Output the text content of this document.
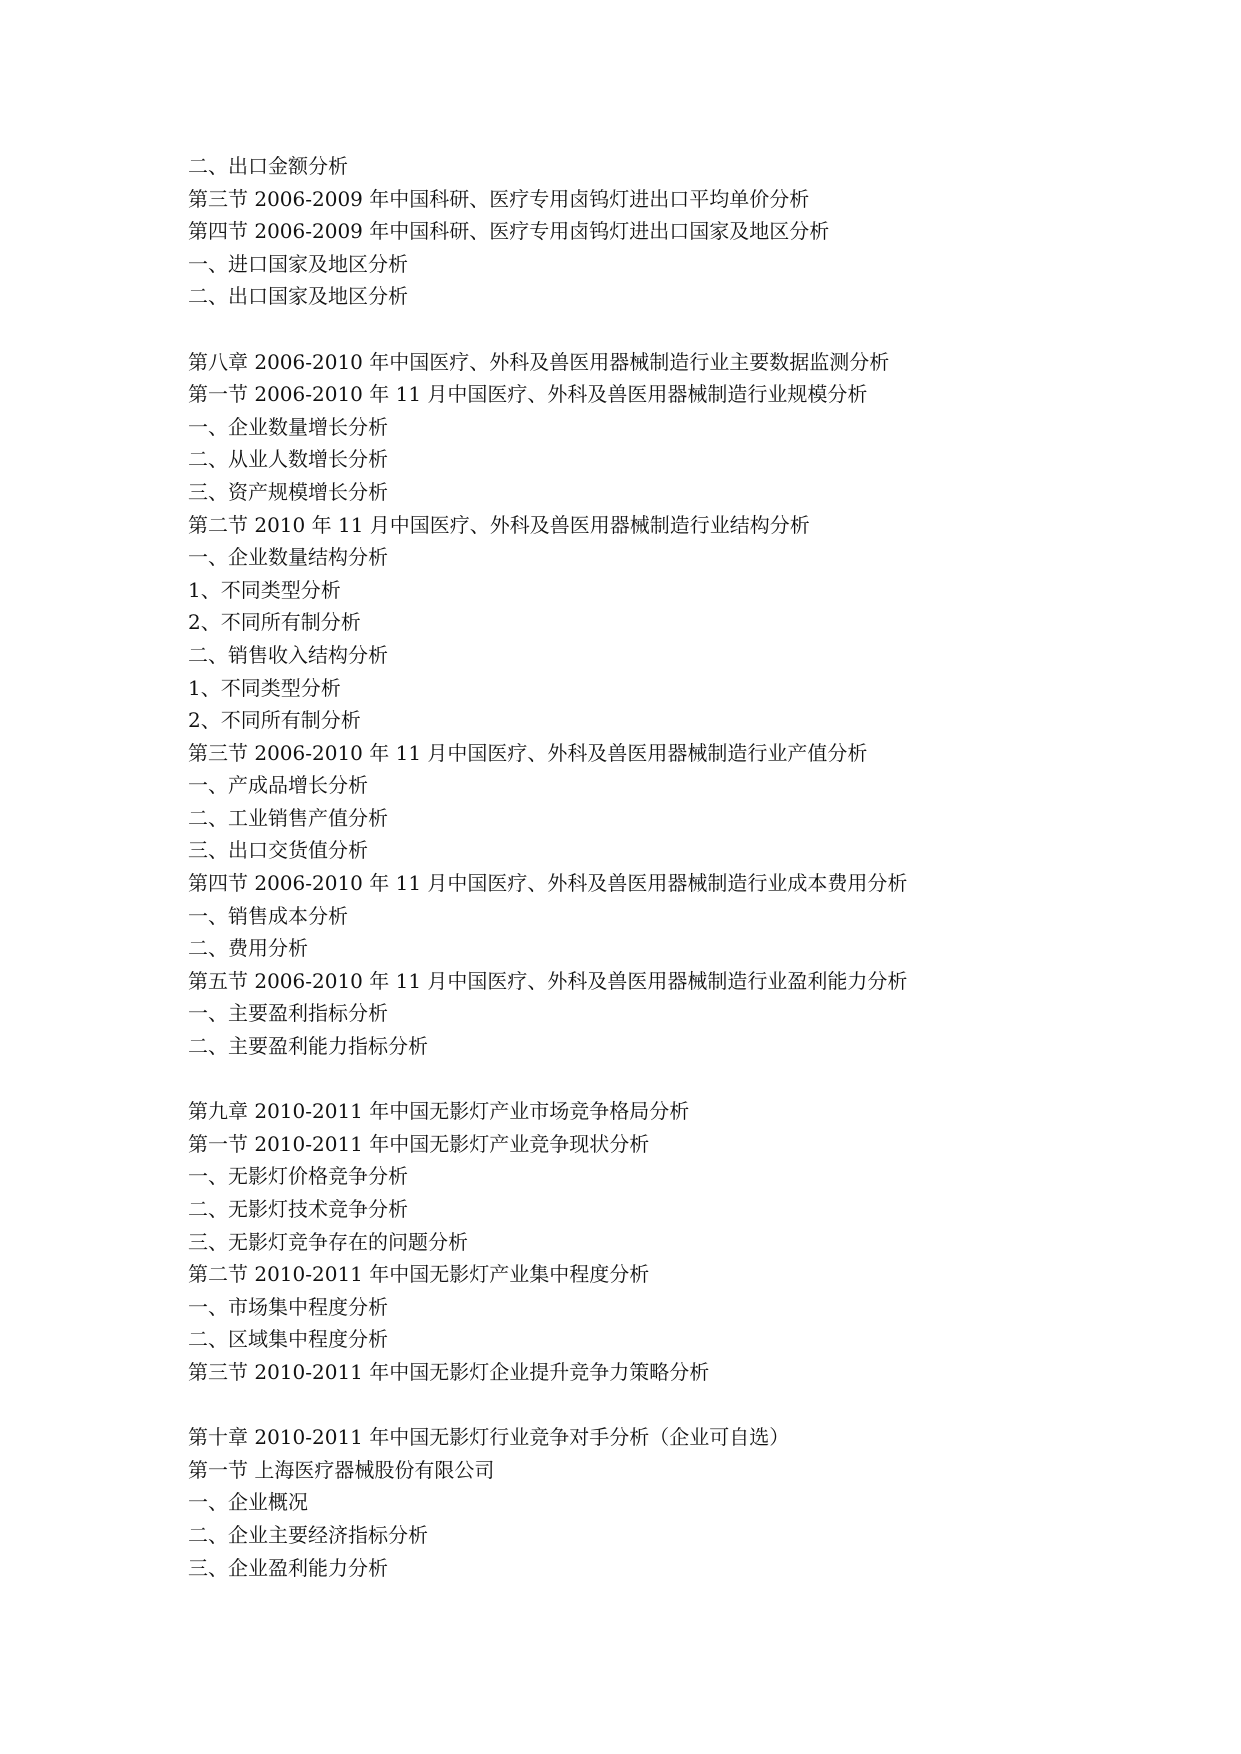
二、出口金额分析
第三节 2006-2009 年中国科研、医疗专用卤钨灯进出口平均单价分析
第四节 2006-2009 年中国科研、医疗专用卤钨灯进出口国家及地区分析
一、进口国家及地区分析
二、出口国家及地区分析
第八章 2006-2010 年中国医疗、外科及兽医用器械制造行业主要数据监测分析
第一节 2006-2010 年 11 月中国医疗、外科及兽医用器械制造行业规模分析
一、企业数量增长分析
二、从业人数增长分析
三、资产规模增长分析
第二节 2010 年 11 月中国医疗、外科及兽医用器械制造行业结构分析
一、企业数量结构分析
1、不同类型分析
2、不同所有制分析
二、销售收入结构分析
1、不同类型分析
2、不同所有制分析
第三节 2006-2010 年 11 月中国医疗、外科及兽医用器械制造行业产值分析
一、产成品增长分析
二、工业销售产值分析
三、出口交货值分析
第四节 2006-2010 年 11 月中国医疗、外科及兽医用器械制造行业成本费用分析
一、销售成本分析
二、费用分析
第五节 2006-2010 年 11 月中国医疗、外科及兽医用器械制造行业盈利能力分析
一、主要盈利指标分析
二、主要盈利能力指标分析
第九章 2010-2011 年中国无影灯产业市场竞争格局分析
第一节 2010-2011 年中国无影灯产业竞争现状分析
一、无影灯价格竞争分析
二、无影灯技术竞争分析
三、无影灯竞争存在的问题分析
第二节 2010-2011 年中国无影灯产业集中程度分析
一、市场集中程度分析
二、区域集中程度分析
第三节 2010-2011 年中国无影灯企业提升竞争力策略分析
第十章 2010-2011 年中国无影灯行业竞争对手分析（企业可自选）
第一节 上海医疗器械股份有限公司
一、企业概况
二、企业主要经济指标分析
三、企业盈利能力分析
